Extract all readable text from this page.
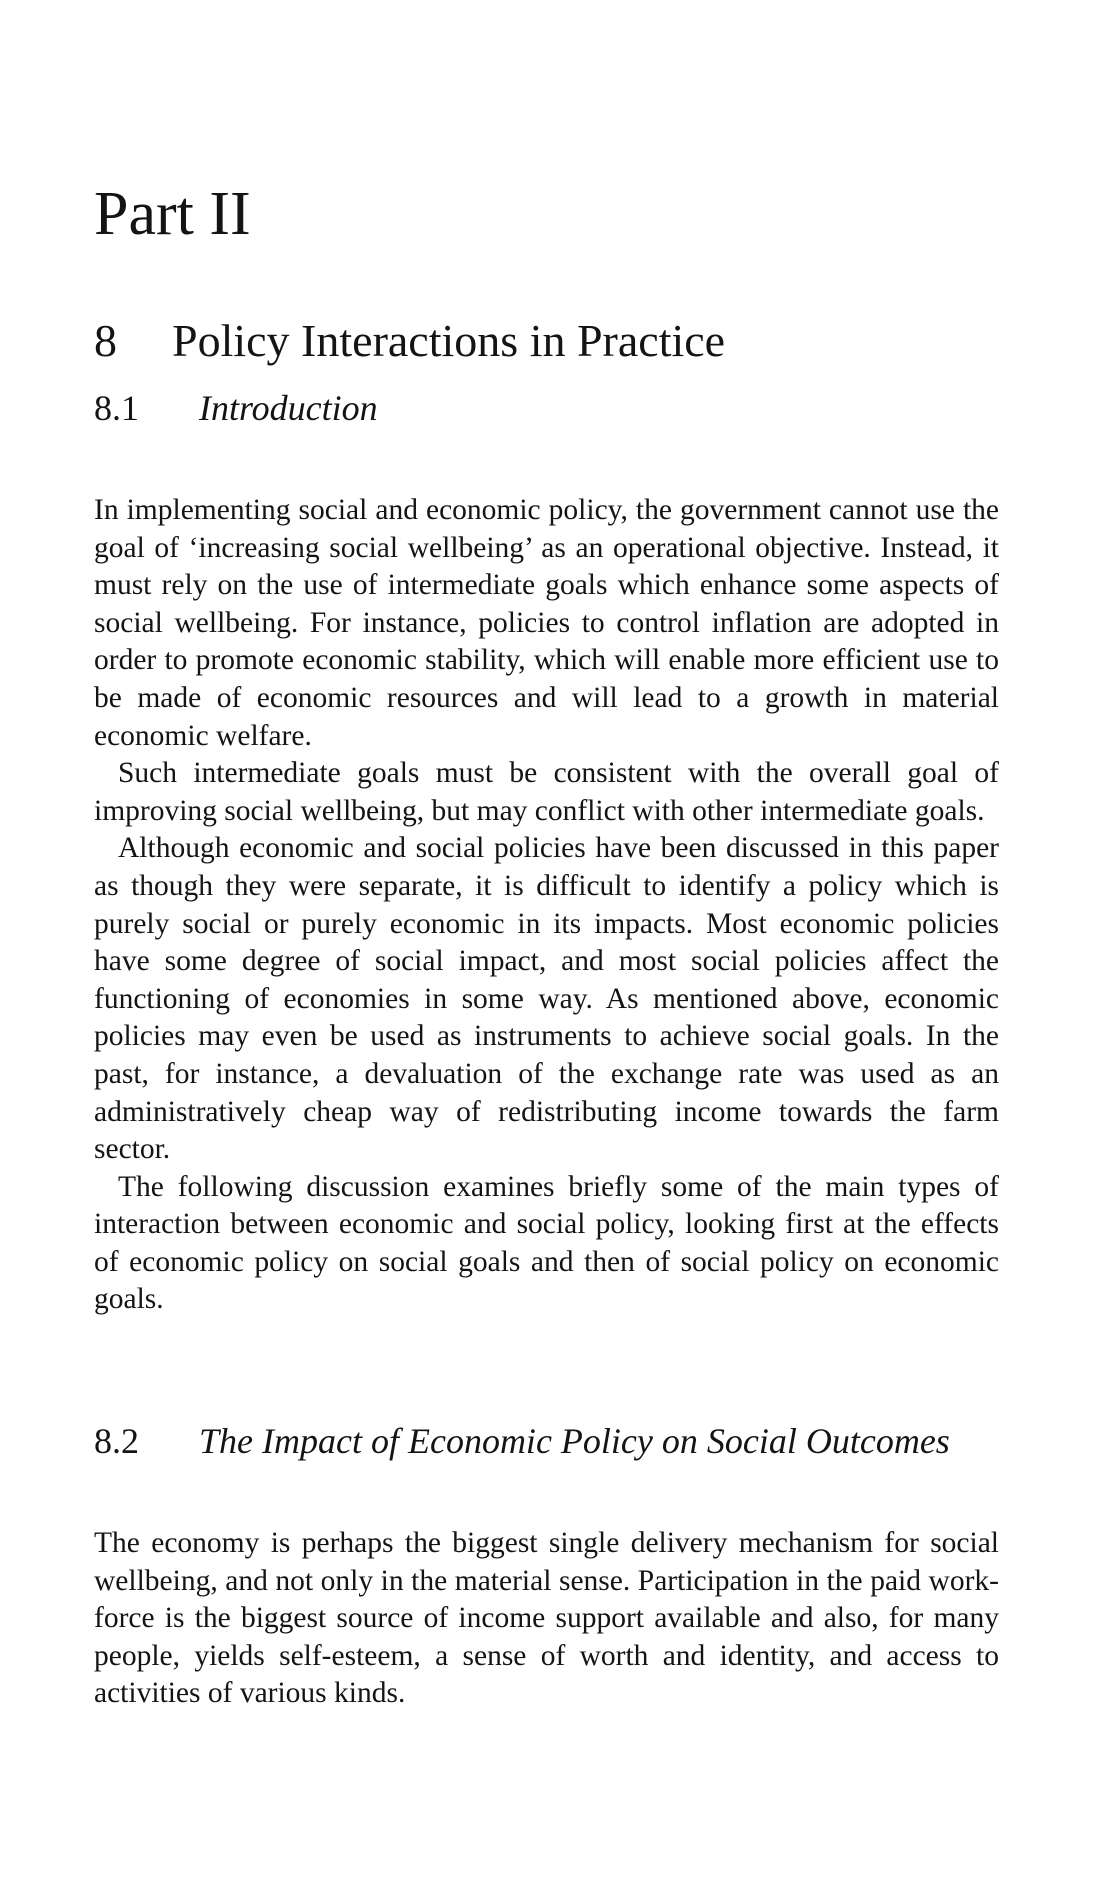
Part II
8 Policy Interactions in Practice
8.1 Introduction

In implementing social and economic policy, the government cannot use the goal of ‘increasing social wellbeing’ as an operational objective. Instead, it must rely on the use of intermediate goals which enhance some aspects of social wellbeing. For instance, policies to control inflation are adopted in order to promote economic stability, which will enable more efficient use to be made of economic resources and will lead to a growth in material economic welfare.

Such intermediate goals must be consistent with the overall goal of improving social wellbeing, but may conflict with other intermediate goals.

Although economic and social policies have been discussed in this paper as though they were separate, it is difficult to identify a policy which is purely social or purely economic in its impacts. Most economic policies have some degree of social impact, and most social policies affect the functioning of economies in some way. As mentioned above, economic policies may even be used as instruments to achieve social goals. In the past, for instance, a devaluation of the exchange rate was used as an administratively cheap way of redistributing income towards the farm sector.

The following discussion examines briefly some of the main types of interaction between economic and social policy, looking first at the effects of economic policy on social goals and then of social policy on economic goals.

8.2 The Impact of Economic Policy on Social Outcomes

The economy is perhaps the biggest single delivery mechanism for social wellbeing, and not only in the material sense. Participation in the paid work-force is the biggest source of income support available and also, for many people, yields self-esteem, a sense of worth and identity, and access to activities of various kinds.
